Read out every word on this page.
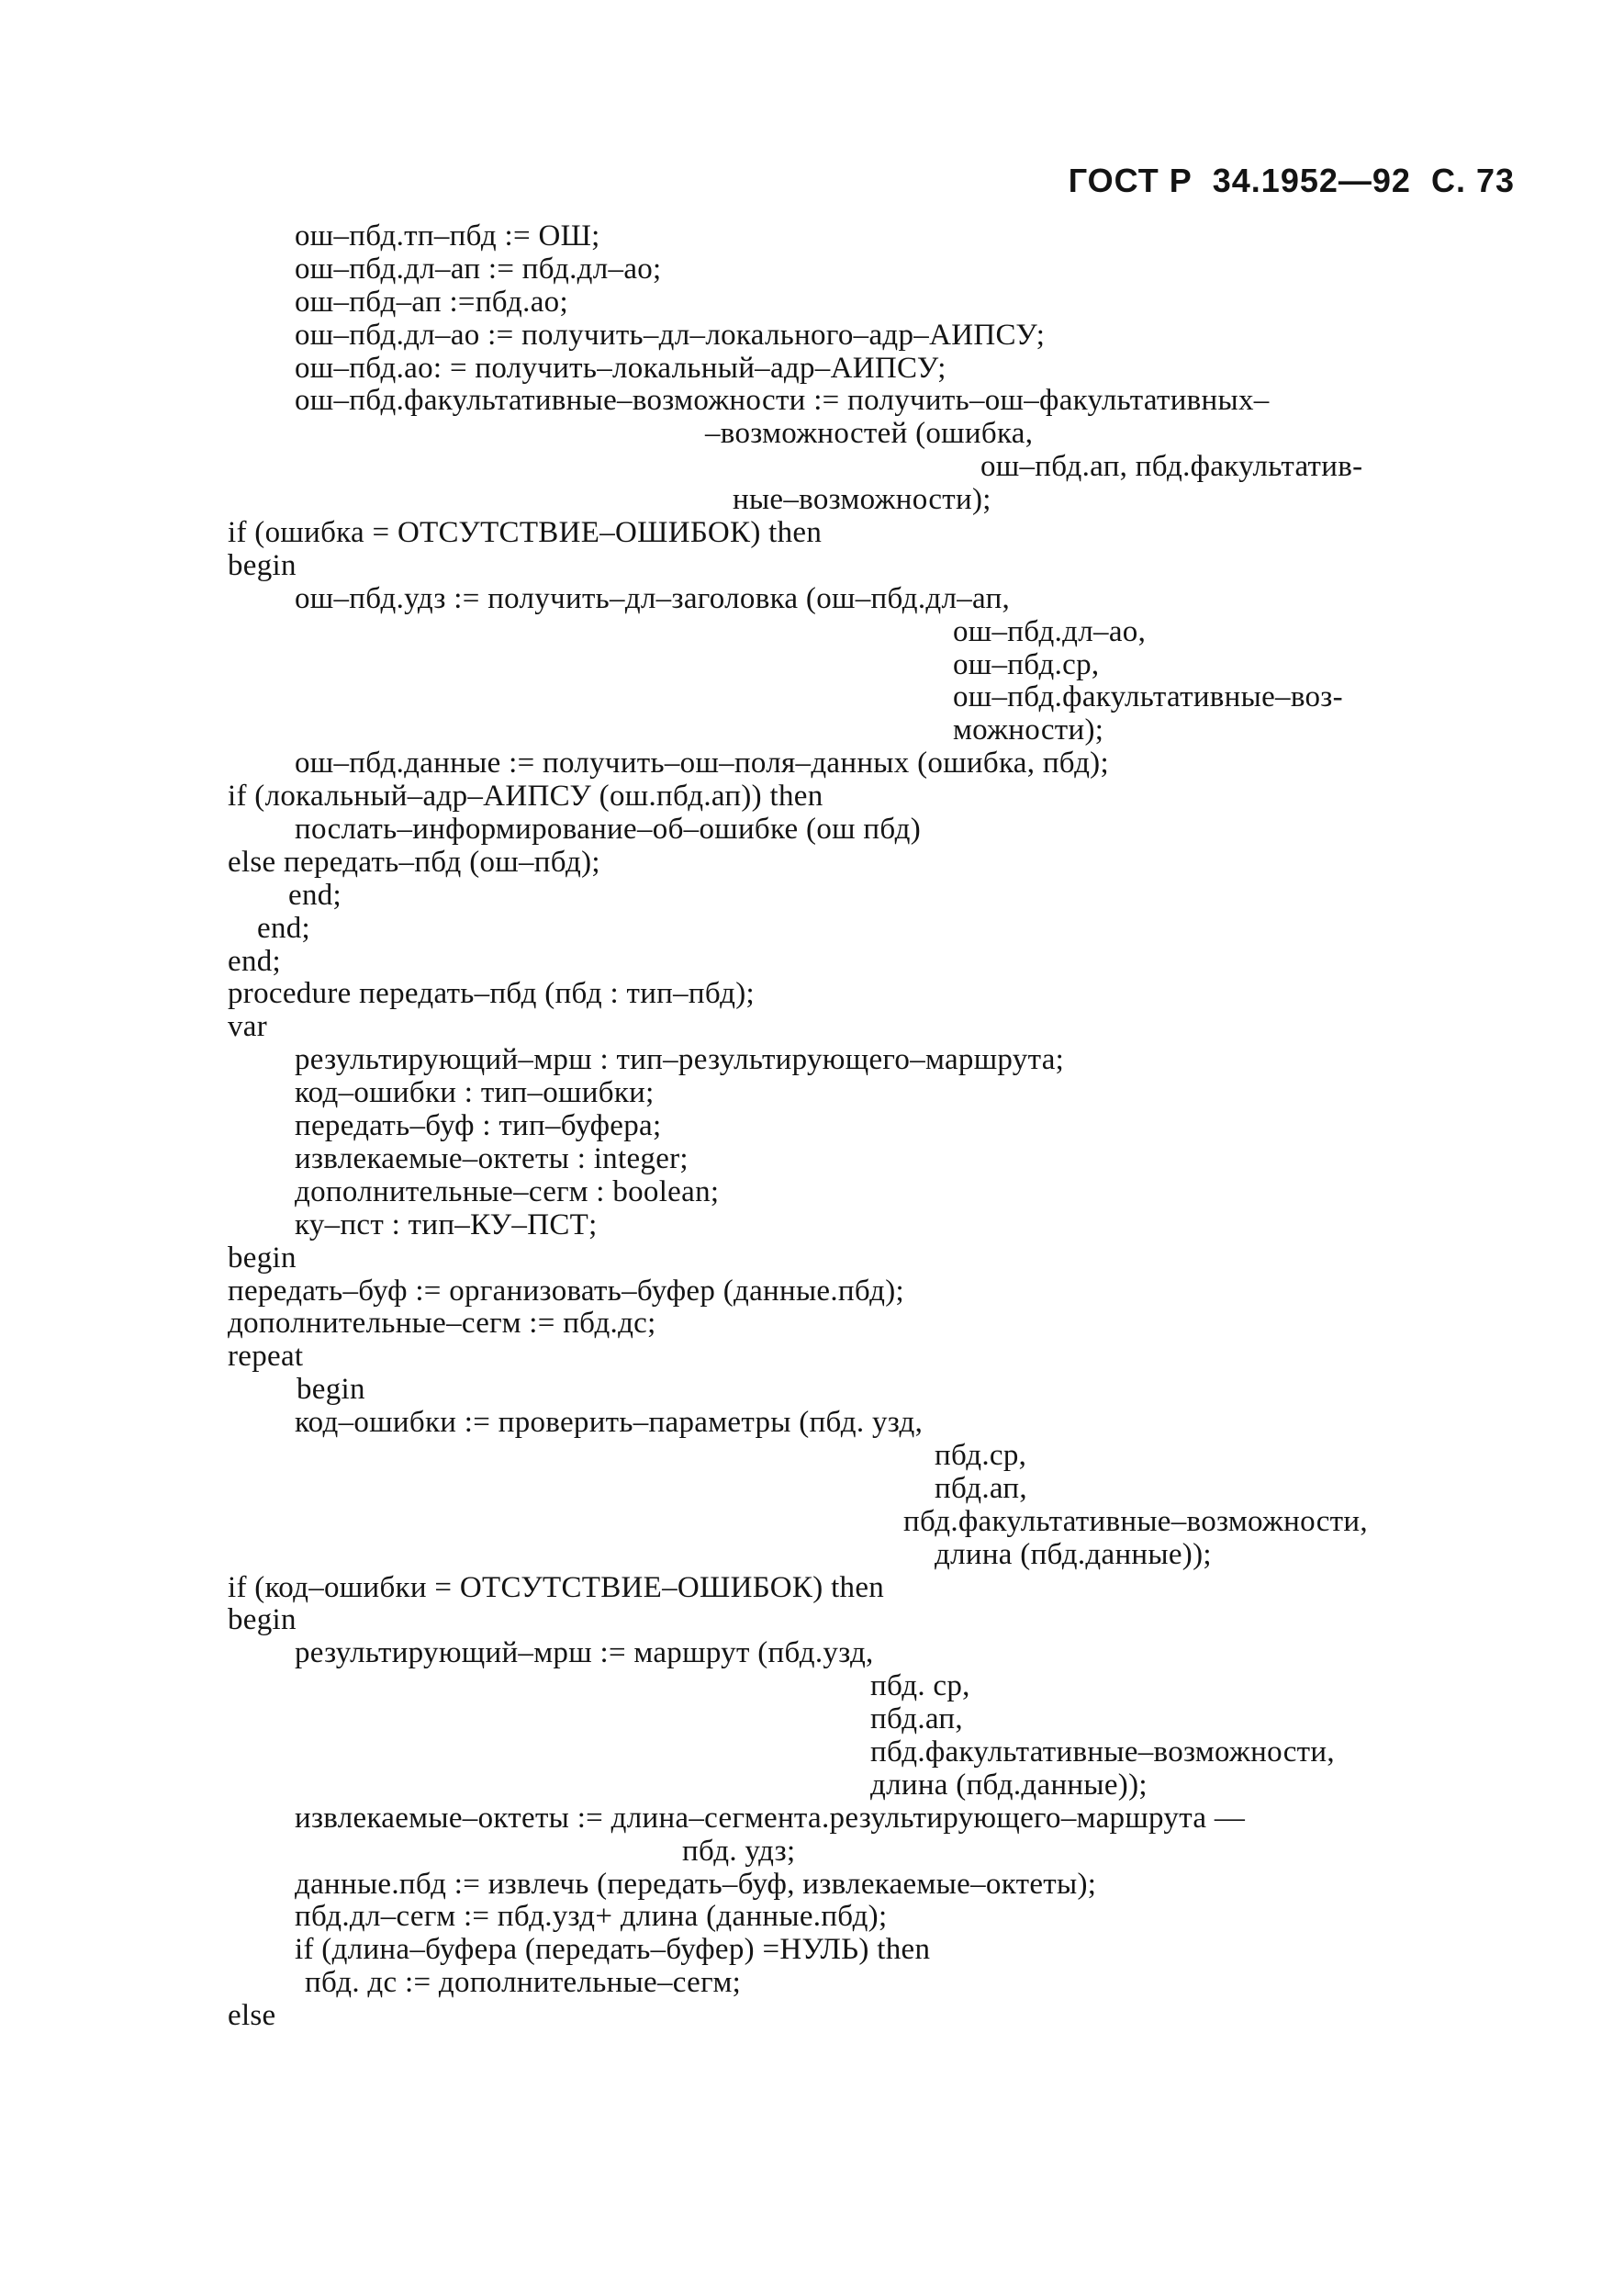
ГОСТ Р  34.1952—92  С. 73
ош–пбд.тп–пбд := ОШ;
ош–пбд.дл–ап := пбд.дл–ао;
ош–пбд–ап :=пбд.ао;
ош–пбд.дл–ао := получить–дл–локального–адр–АИПСУ;
ош–пбд.ао: = получить–локальный–адр–АИПСУ;
ош–пбд.факультативные–возможности := получить–ош–факультативных–
–возможностей (ошибка,
ош–пбд.ап, пбд.факультатив-
ные–возможности);
if (ошибка = ОТСУТСТВИЕ–ОШИБОК) then
begin
ош–пбд.удз := получить–дл–заголовка (ош–пбд.дл–ап,
ош–пбд.дл–ао,
ош–пбд.ср,
ош–пбд.факультативные–воз-
можности);
ош–пбд.данные := получить–ош–поля–данных (ошибка, пбд);
if (локальный–адр–АИПСУ (ош.пбд.ап)) then
послать–информирование–об–ошибке (ош пбд)
else передать–пбд (ош–пбд);
end;
end;
end;
procedure передать–пбд (пбд : тип–пбд);
var
результирующий–мрш : тип–результирующего–маршрута;
код–ошибки : тип–ошибки;
передать–буф : тип–буфера;
извлекаемые–октеты : integer;
дополнительные–сегм : boolean;
ку–пст : тип–КУ–ПСТ;
begin
передать–буф := организовать–буфер (данные.пбд);
дополнительные–сегм := пбд.дс;
repeat
begin
код–ошибки := проверить–параметры (пбд. узд,
пбд.ср,
пбд.ап,
пбд.факультативные–возможности,
длина (пбд.данные));
if (код–ошибки = ОТСУТСТВИЕ–ОШИБОК) then
begin
результирующий–мрш := маршрут (пбд.узд,
пбд. ср,
пбд.ап,
пбд.факультативные–возможности,
длина (пбд.данные));
извлекаемые–октеты := длина–сегмента.результирующего–маршрута —
пбд. удз;
данные.пбд := извлечь (передать–буф, извлекаемые–октеты);
пбд.дл–сегм := пбд.узд+ длина (данные.пбд);
if (длина–буфера (передать–буфер) =НУЛЬ) then
пбд. дс := дополнительные–сегм;
else
